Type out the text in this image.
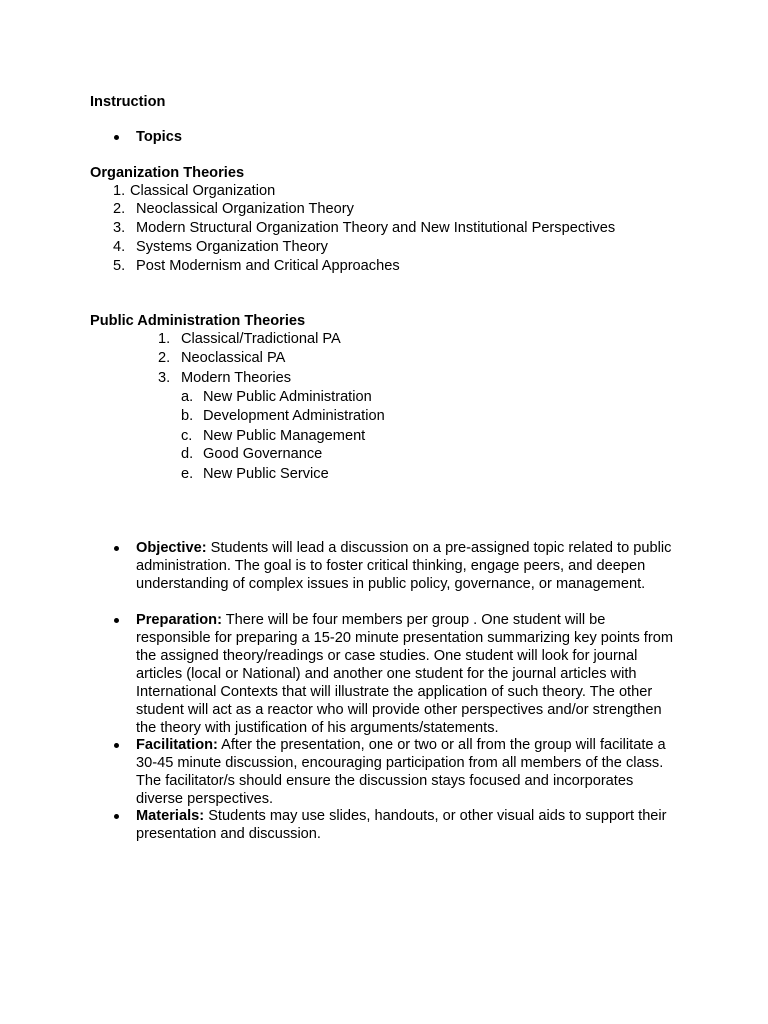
Instruction
Topics
Organization Theories
1. Classical Organization
2. Neoclassical Organization Theory
3. Modern Structural Organization Theory and New Institutional Perspectives
4. Systems Organization Theory
5. Post Modernism and Critical Approaches
Public Administration Theories
1. Classical/Tradictional PA
2. Neoclassical PA
3. Modern Theories
a. New Public Administration
b. Development Administration
c. New Public Management
d. Good Governance
e. New Public Service
Objective: Students will lead a discussion on a pre-assigned topic related to public administration. The goal is to foster critical thinking, engage peers, and deepen understanding of complex issues in public policy, governance, or management.
Preparation: There will be four members per group . One student will be responsible for preparing a 15-20 minute presentation summarizing key points from the assigned theory/readings or case studies. One student will look for journal articles (local or National) and another one student for the journal articles with International Contexts that will illustrate the application of such theory. The other student will act as a reactor who will provide other perspectives and/or strengthen the theory with justification of his arguments/statements.
Facilitation: After the presentation, one or two or all from the group will facilitate a 30-45 minute discussion, encouraging participation from all members of the class. The facilitator/s should ensure the discussion stays focused and incorporates diverse perspectives.
Materials: Students may use slides, handouts, or other visual aids to support their presentation and discussion.
